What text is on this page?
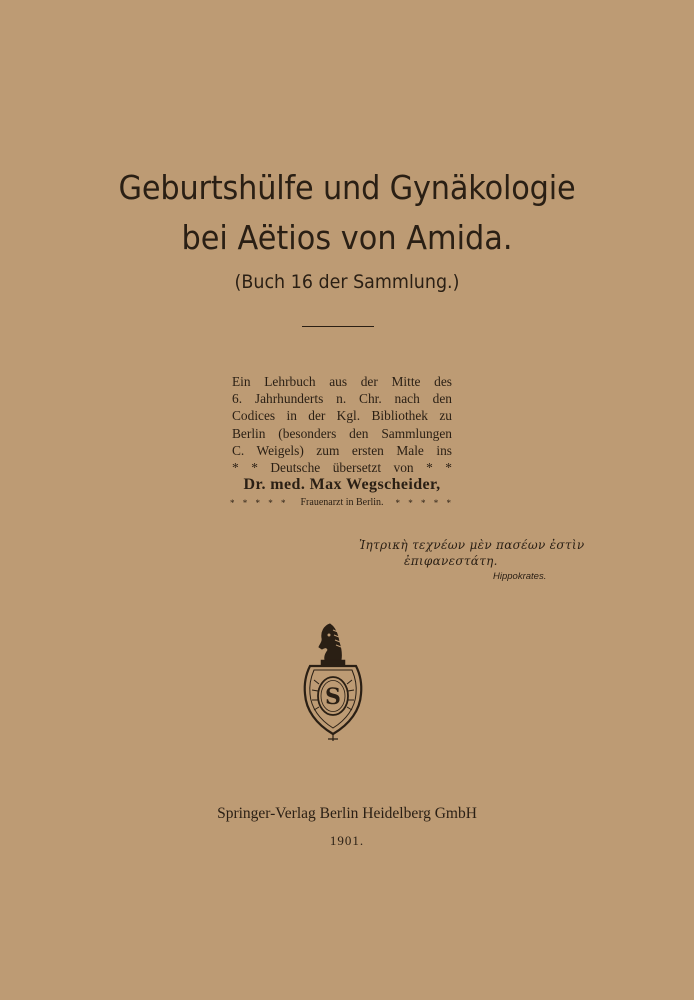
Geburtshülfe und Gynäkologie
bei Aëtios von Amida.
(Buch 16 der Sammlung.)
Ein Lehrbuch aus der Mitte des
6. Jahrhunderts n. Chr. nach den
Codices in der Kgl. Bibliothek zu
Berlin (besonders den Sammlungen
C. Weigels) zum ersten Male ins
* * Deutsche übersetzt von * *
Dr. med. Max Wegscheider,
* * * * * Frauenarzt in Berlin. * * * * *
Ἰητρικὴ τεχνέων μὲν πασέων ἐστὶν
ἐπιφανεστάτη.
Hippokrates.
S
Springer-Verlag Berlin Heidelberg GmbH
1901.
